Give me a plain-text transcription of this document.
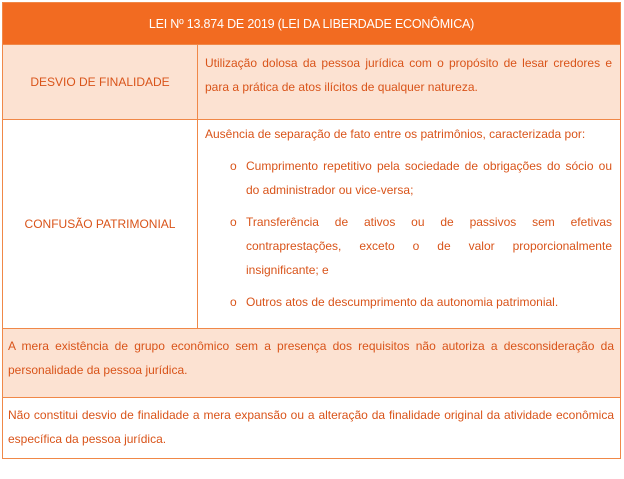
LEI Nº 13.874 DE 2019 (LEI DA LIBERDADE ECONÔMICA)
DESVIO DE FINALIDADE
Utilização dolosa da pessoa jurídica com o propósito de lesar credores e para a prática de atos ilícitos de qualquer natureza.
CONFUSÃO PATRIMONIAL

Ausência de separação de fato entre os patrimônios, caracterizada por:

o Cumprimento repetitivo pela sociedade de obrigações do sócio ou do administrador ou vice-versa;
o Transferência de ativos ou de passivos sem efetivas contraprestações, exceto o de valor proporcionalmente insignificante; e
o Outros atos de descumprimento da autonomia patrimonial.
A mera existência de grupo econômico sem a presença dos requisitos não autoriza a desconsideração da personalidade da pessoa jurídica.
Não constitui desvio de finalidade a mera expansão ou a alteração da finalidade original da atividade econômica específica da pessoa jurídica.
